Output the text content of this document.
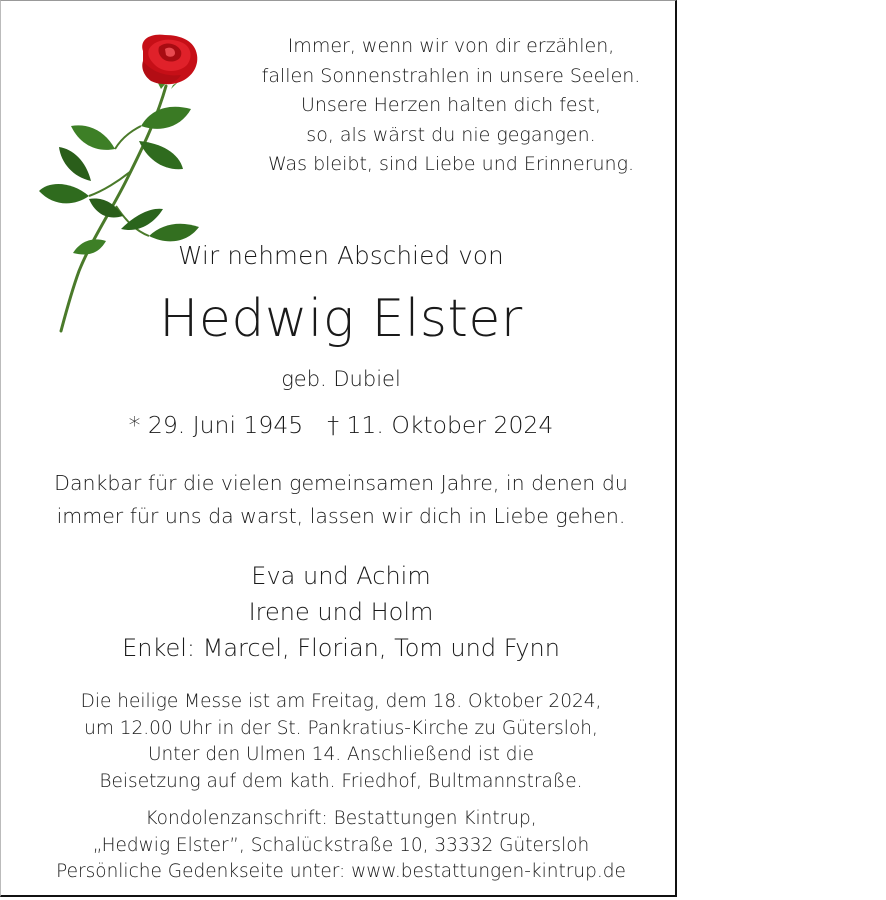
Immer, wenn wir von dir erzählen,
fallen Sonnenstrahlen in unsere Seelen.
Unsere Herzen halten dich fest,
so, als wärst du nie gegangen.
Was bleibt, sind Liebe und Erinnerung.
Wir nehmen Abschied von
Hedwig Elster
geb. Dubiel
* 29. Juni 1945 † 11. Oktober 2024
Dankbar für die vielen gemeinsamen Jahre, in denen du
immer für uns da warst, lassen wir dich in Liebe gehen.
Eva und Achim
Irene und Holm
Enkel: Marcel, Florian, Tom und Fynn
Die heilige Messe ist am Freitag, dem 18. Oktober 2024,
um 12.00 Uhr in der St. Pankratius-Kirche zu Gütersloh,
Unter den Ulmen 14. Anschließend ist die
Beisetzung auf dem kath. Friedhof, Bultmannstraße.
Kondolenzanschrift: Bestattungen Kintrup,
„Hedwig Elster”, Schalückstraße 10, 33332 Gütersloh
Persönliche Gedenkseite unter: www.bestattungen-kintrup.de
